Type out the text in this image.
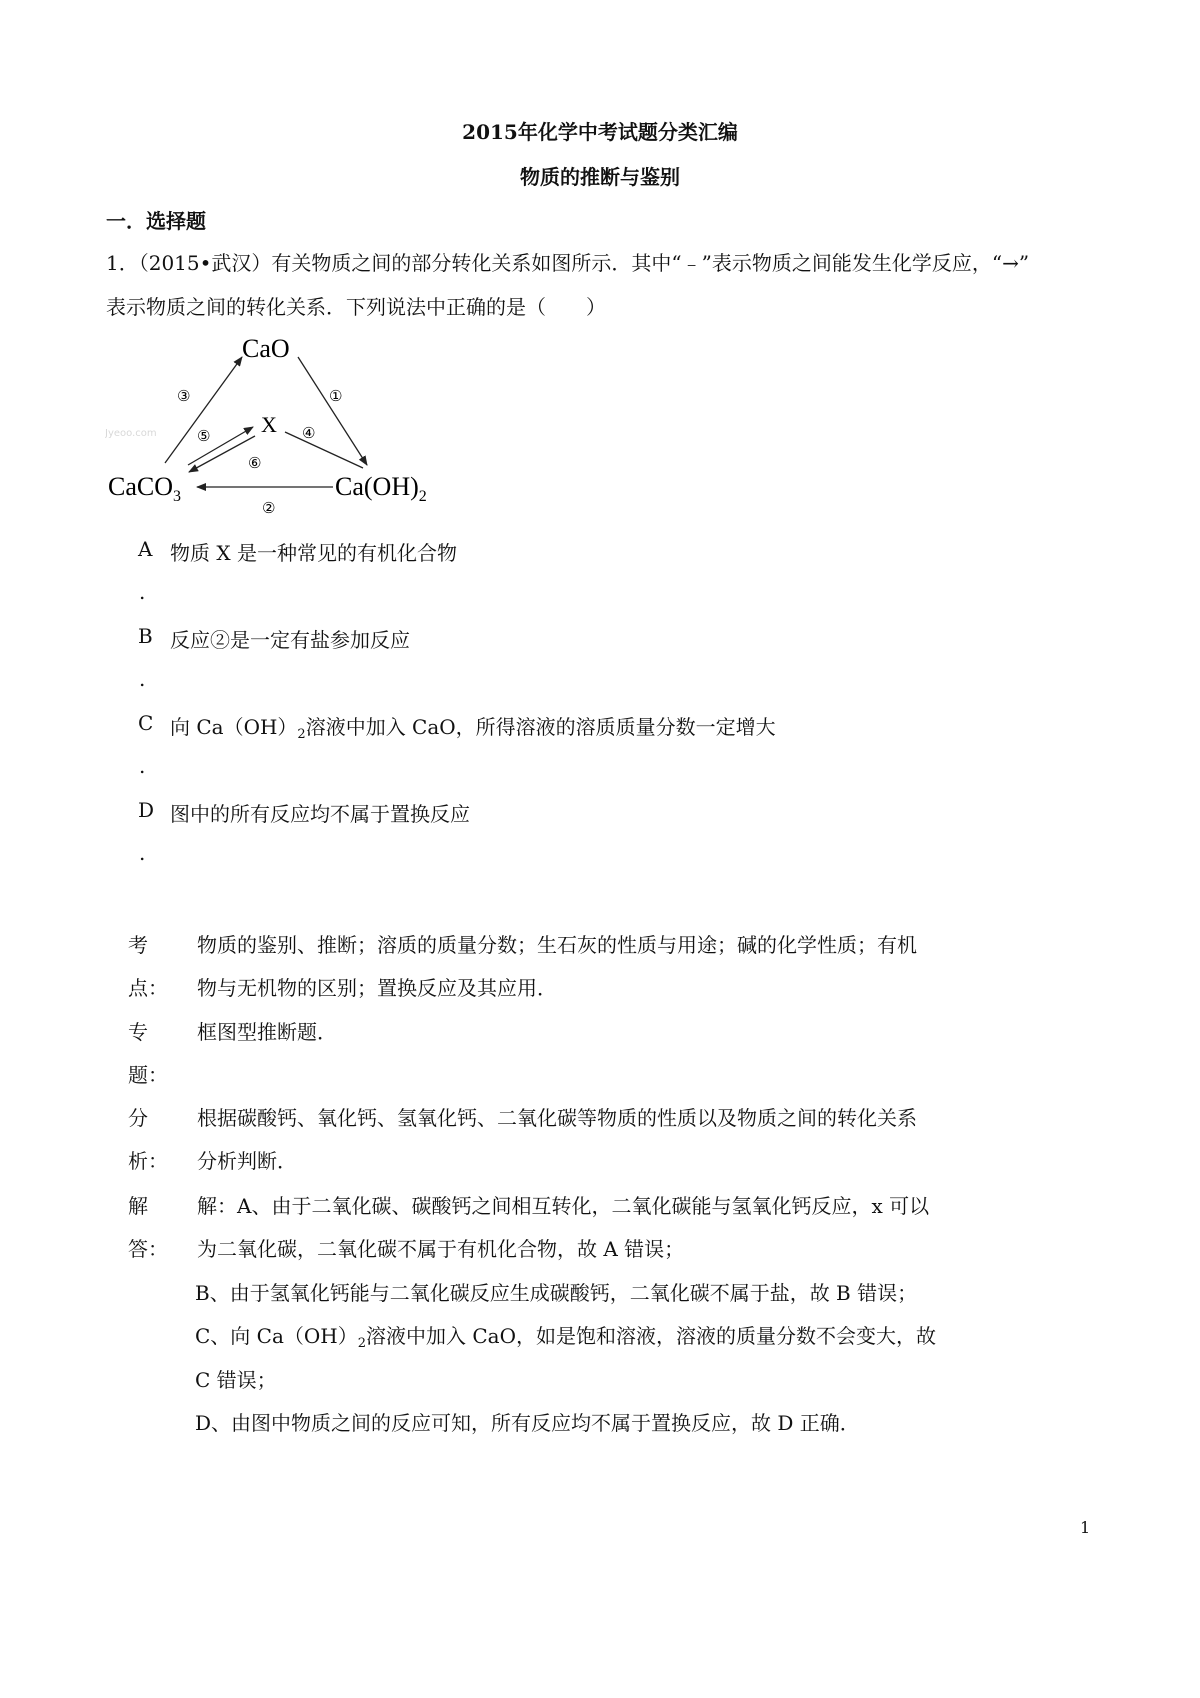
2015年化学中考试题分类汇编
物质的推断与鉴别
一．选择题
1．（2015•武汉）有关物质之间的部分转化关系如图所示．其中“﹣”表示物质之间能发生化学反应，“→”
表示物质之间的转化关系．下列说法中正确的是（　　）
Jyeoo.com
CaO
X
CaCO$_3$	$Ca(OH)_2$
③	①
④
⑤
⑥
②
A 物质 X 是一种常见的有机化合物
.
B 反应②是一定有盐参加反应
.
C 向 $Ca(OH)_2$溶液中加入 CaO，所得溶液的溶质质量分数一定增大
.
D 图中的所有反应均不属于置换反应
.
考
点：
物质的鉴别、推断；溶质的质量分数；生石灰的性质与用途；碱的化学性质；有机
物与无机物的区别；置换反应及其应用．
专
题：
框图型推断题．
分
析：
根据碳酸钙、氧化钙、氢氧化钙、二氧化碳等物质的性质以及物质之间的转化关系
分析判断．
解
答：
解：A、由于二氧化碳、碳酸钙之间相互转化，二氧化碳能与氢氧化钙反应，x 可以
为二氧化碳，二氧化碳不属于有机化合物，故 A 错误；
B、由于氢氧化钙能与二氧化碳反应生成碳酸钙，二氧化碳不属于盐，故 B 错误；
C、向 $Ca(OH)_2$溶液中加入 CaO，如是饱和溶液，溶液的质量分数不会变大，故
C 错误；
D、由图中物质之间的反应可知，所有反应均不属于置换反应，故 D 正确．
1
